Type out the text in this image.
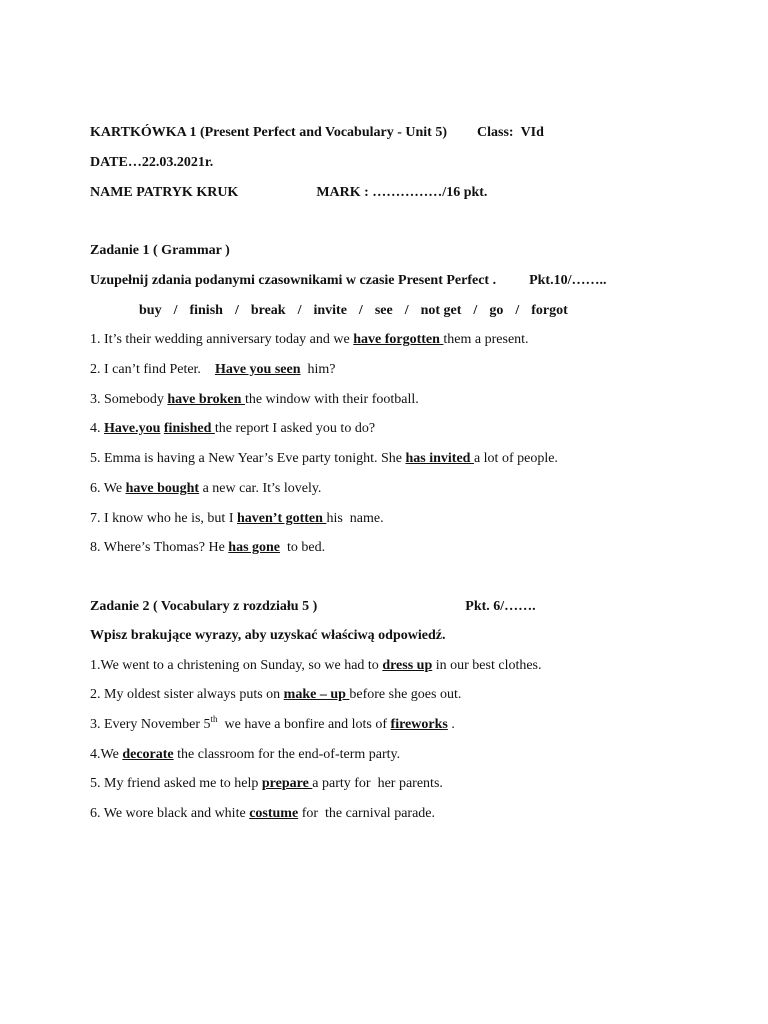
KARTKÓWKA 1 (Present Perfect and Vocabulary - Unit 5) Class: VId
DATE…22.03.2021r.
NAME PATRYK KRUK	MARK : ……………/16 pkt.
Zadanie 1 ( Grammar )
Uzupełnij zdania podanymi czasownikami w czasie Present Perfect . Pkt.10/……..
buy / finish / break / invite / see / not get / go / forgot
1. It’s their wedding anniversary today and we have forgotten them a present.
2. I can’t find Peter.    Have you seen  him?
3. Somebody have broken the window with their football.
4. Have.you finished the report I asked you to do?
5. Emma is having a New Year’s Eve party tonight. She has invited a lot of people.
6. We have bought a new car. It’s lovely.
7. I know who he is, but I haven’t gotten his  name.
8. Where’s Thomas? He has gone  to bed.
Zadanie 2 ( Vocabulary z rozdziału 5 )	Pkt. 6/…….
Wpisz brakujące wyrazy, aby uzyskać właściwą odpowiedź.
1.We went to a christening on Sunday, so we had to dress up in our best clothes.
2. My oldest sister always puts on make – up before she goes out.
3. Every November 5th  we have a bonfire and lots of fireworks .
4.We decorate the classroom for the end-of-term party.
5. My friend asked me to help prepare a party for  her parents.
6. We wore black and white costume for  the carnival parade.
